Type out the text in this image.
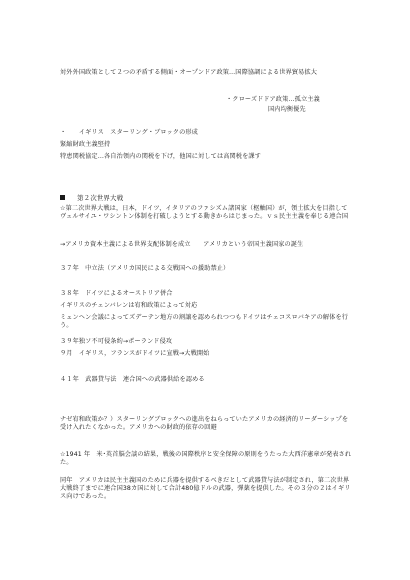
対外外国政策として２つの矛盾する側面・オープンドア政策…国際協調による世界貿易拡大
・クローズドドア政策…孤立主義
国内均衡優先
・　　イギリス　スターリング・ブロックの形成
緊縮財政主義堅持
特恵関税協定…各自治領内の関税を下げ，他国に対しては高関税を課す
第２次世界大戦
☆第二次世界大戦は，日本，ドイツ，イタリアのファシズム諸国家（枢軸国）が，領土拡大を目指してヴェルサイユ・ワシントン体制を打破しようとする動きからはじまった。ｖｓ民主主義を奉じる連合国
→アメリカ資本主義による世界支配体制を成立　　アメリカという帝国主義国家の誕生
３７年　中立法（アメリカ国民による交戦国への援助禁止）
３８年　ドイツによるオーストリア併合
イギリスのチェンバレンは宥和政策によって対応
ミュンヘン会議によってズデーテン地方の割譲を認められつつもドイツはチェコスロバキアの解体を行う。
３９年独ソ不可侵条約→ポーランド侵攻
９月　イギリス，フランスがドイツに宣戦→大戦開始
４１年　武器貸与法　連合国への武器供給を認める
ナゼ宥和政策か？）スターリングブロックへの進出をねらっていたアメリカの経済的リーダーシップを受け入れたくなかった。アメリカへの財政的依存の回避
☆1941 年　米･英首脳会談の結果，戦後の国際秩序と安全保障の原則をうたった大西洋憲章が発表された。
同年　アメリカは民主主義国のために兵器を提供するべきだとして武器貸与法が制定され，第二次世界大戦終了までに連合国38カ国に対して合計480億ドルの武器，弾薬を提供した。その３分の２はイギリス向けであった。
